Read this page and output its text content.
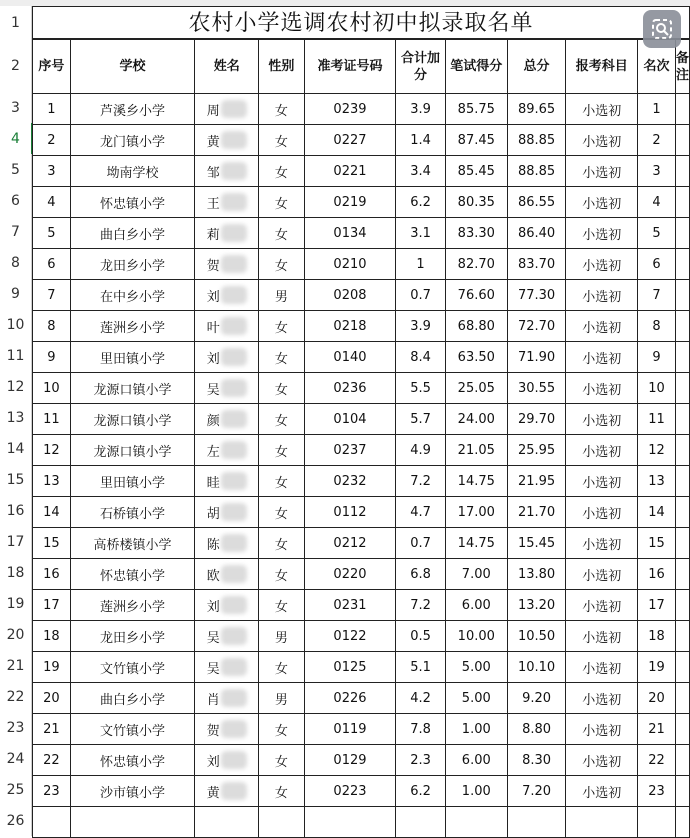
1
2
3
4
5
6
7
8
9
10
11
12
13
14
15
16
17
18
19
20
21
22
23
24
25
26
农村小学选调农村初中拟录取名单
序号	学校	姓名	性别	准考证号码	合计加分	笔试得分	总分	报考科目	名次	备注
1	芦溪乡小学	周	女	0239	3.9	85.75	89.65	小选初	1	
2	龙门镇小学	黄	女	0227	1.4	87.45	88.85	小选初	2	
3	坳南学校	邹	女	0221	3.4	85.45	88.85	小选初	3	
4	怀忠镇小学	王	女	0219	6.2	80.35	86.55	小选初	4	
5	曲白乡小学	莉	女	0134	3.1	83.30	86.40	小选初	5	
6	龙田乡小学	贺	女	0210	1	82.70	83.70	小选初	6	
7	在中乡小学	刘	男	0208	0.7	76.60	77.30	小选初	7	
8	莲洲乡小学	叶	女	0218	3.9	68.80	72.70	小选初	8	
9	里田镇小学	刘	女	0140	8.4	63.50	71.90	小选初	9	
10	龙源口镇小学	吴	女	0236	5.5	25.05	30.55	小选初	10	
11	龙源口镇小学	颜	女	0104	5.7	24.00	29.70	小选初	11	
12	龙源口镇小学	左	女	0237	4.9	21.05	25.95	小选初	12	
13	里田镇小学	眭	女	0232	7.2	14.75	21.95	小选初	13	
14	石桥镇小学	胡	女	0112	4.7	17.00	21.70	小选初	14	
15	高桥楼镇小学	陈	女	0212	0.7	14.75	15.45	小选初	15	
16	怀忠镇小学	欧	女	0220	6.8	7.00	13.80	小选初	16	
17	莲洲乡小学	刘	女	0231	7.2	6.00	13.20	小选初	17	
18	龙田乡小学	吴	男	0122	0.5	10.00	10.50	小选初	18	
19	文竹镇小学	吴	女	0125	5.1	5.00	10.10	小选初	19	
20	曲白乡小学	肖	男	0226	4.2	5.00	9.20	小选初	20	
21	文竹镇小学	贺	女	0119	7.8	1.00	8.80	小选初	21	
22	怀忠镇小学	刘	女	0129	2.3	6.00	8.30	小选初	22	
23	沙市镇小学	黄	女	0223	6.2	1.00	7.20	小选初	23	
